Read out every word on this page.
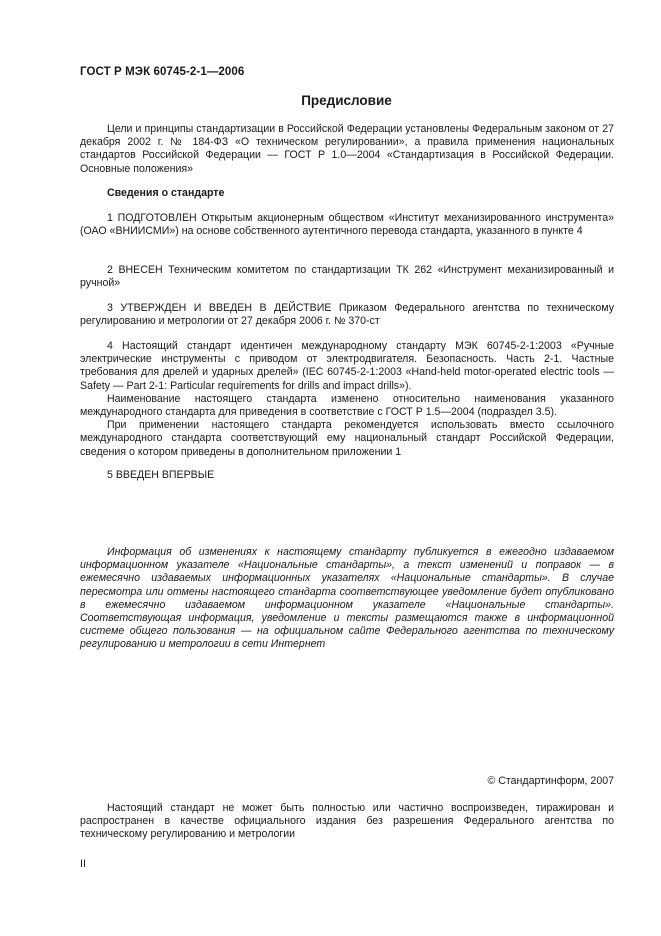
ГОСТ Р МЭК 60745-2-1—2006
Предисловие

Цели и принципы стандартизации в Российской Федерации установлены Федеральным законом от 27 декабря 2002 г. № 184-ФЗ «О техническом регулировании», а правила применения национальных стандартов Российской Федерации — ГОСТ Р 1.0—2004 «Стандартизация в Российской Федерации. Основные положения»

Сведения о стандарте

1 ПОДГОТОВЛЕН Открытым акционерным обществом «Институт механизированного инструмента» (ОАО «ВНИИСМИ») на основе собственного аутентичного перевода стандарта, указанного в пункте 4

2 ВНЕСЕН Техническим комитетом по стандартизации ТК 262 «Инструмент механизированный и ручной»

3 УТВЕРЖДЕН И ВВЕДЕН В ДЕЙСТВИЕ Приказом Федерального агентства по техническому регулированию и метрологии от 27 декабря 2006 г. № 370-ст

4 Настоящий стандарт идентичен международному стандарту МЭК 60745-2-1:2003 «Ручные электрические инструменты с приводом от электродвигателя. Безопасность. Часть 2-1. Частные требования для дрелей и ударных дрелей» (IEC 60745-2-1:2003 «Hand-held motor-operated electric tools — Safety — Part 2-1: Particular requirements for drills and impact drills»).

Наименование настоящего стандарта изменено относительно наименования указанного международного стандарта для приведения в соответствие с ГОСТ Р 1.5—2004 (подраздел 3.5).

При применении настоящего стандарта рекомендуется использовать вместо ссылочного международного стандарта соответствующий ему национальный стандарт Российской Федерации, сведения о котором приведены в дополнительном приложении 1

5 ВВЕДЕН ВПЕРВЫЕ

Информация об изменениях к настоящему стандарту публикуется в ежегодно издаваемом информационном указателе «Национальные стандарты», а текст изменений и поправок — в ежемесячно издаваемых информационных указателях «Национальные стандарты». В случае пересмотра или отмены настоящего стандарта соответствующее уведомление будет опубликовано в ежемесячно издаваемом информационном указателе «Национальные стандарты». Соответствующая информация, уведомление и тексты размещаются также в информационной системе общего пользования — на официальном сайте Федерального агентства по техническому регулированию и метрологии в сети Интернет

© Стандартинформ, 2007

Настоящий стандарт не может быть полностью или частично воспроизведен, тиражирован и распространен в качестве официального издания без разрешения Федерального агентства по техническому регулированию и метрологии

II
